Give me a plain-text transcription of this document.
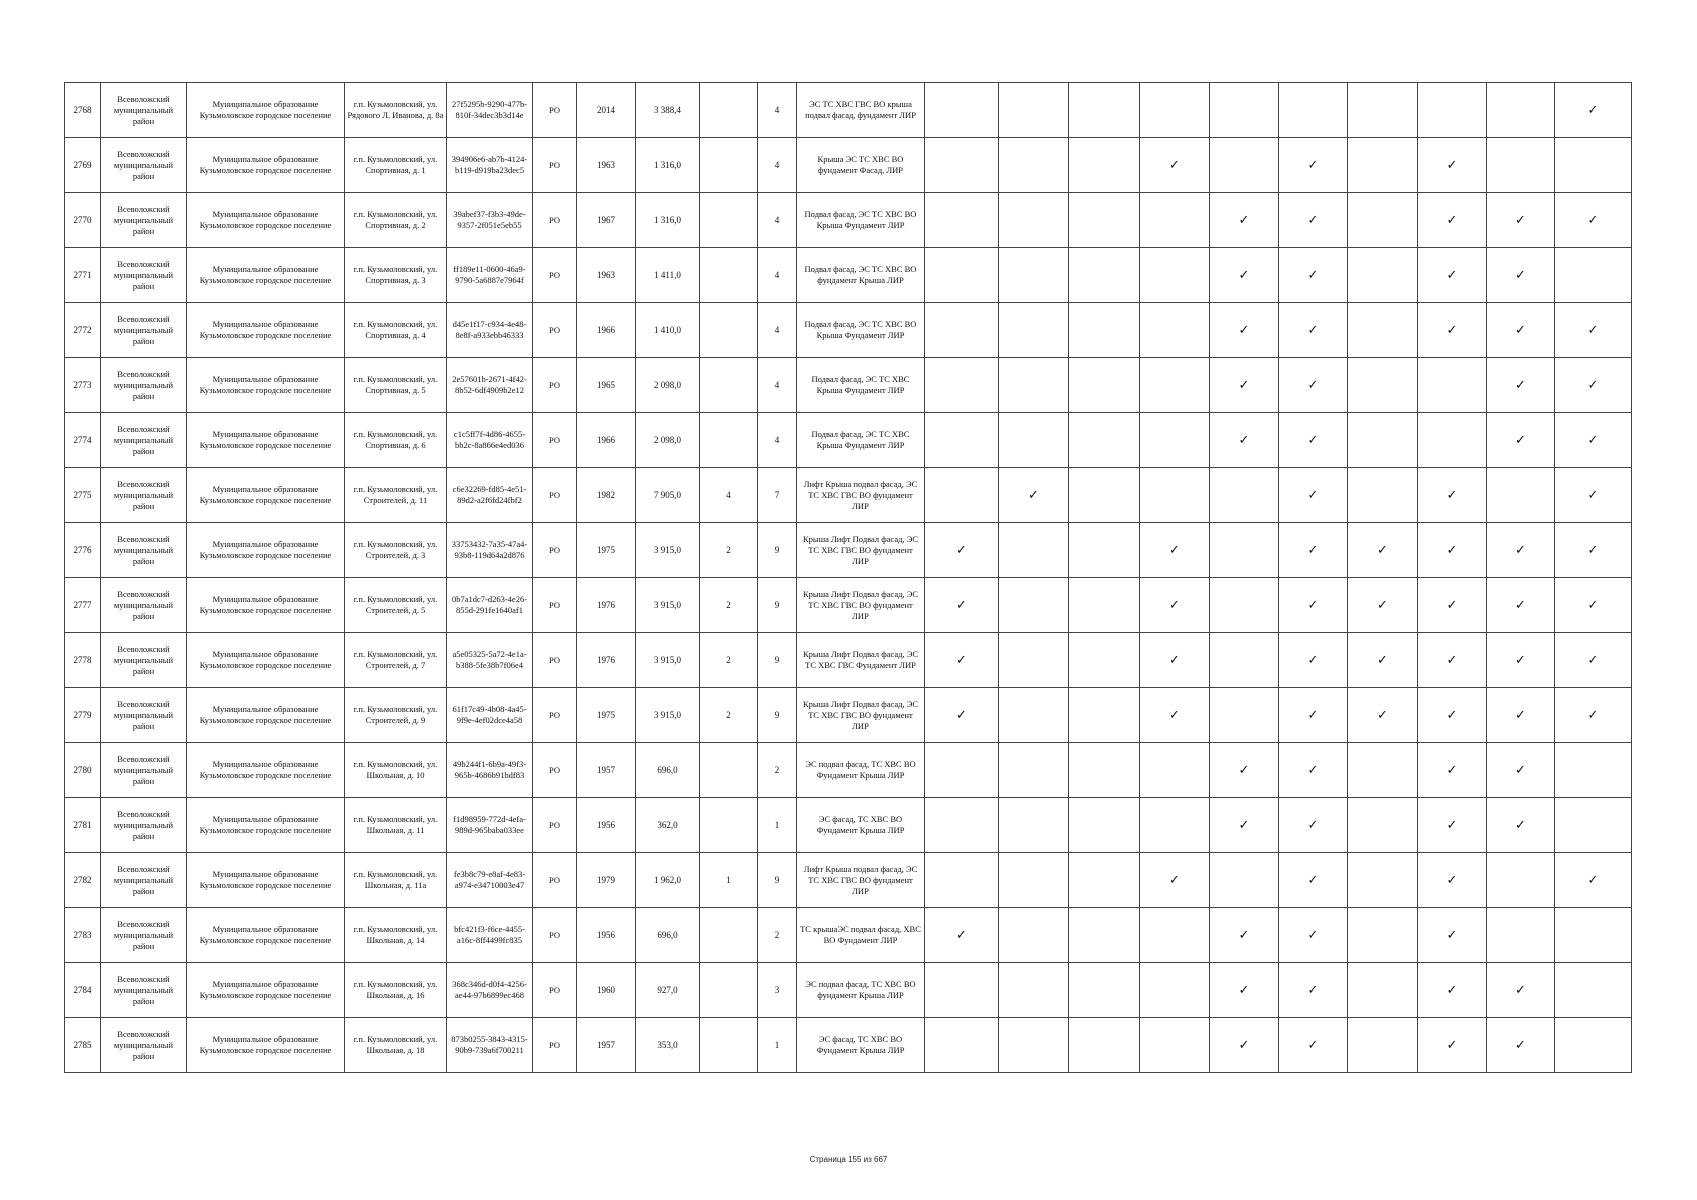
2768	Всеволожский муниципальный район	Муниципальное образование Кузьмоловское городское поселение	г.п. Кузьмоловский, ул. Рядового Л. Иванова, д. 8а	27f5295b-9290-477b-810f-34dec3b3d14e	РО	2014	3 388,4		4	ЭС ТС ХВС ГВС ВО крыша подвал фасад, фундамент ЛИР										✓
2769	Всеволожский муниципальный район	Муниципальное образование Кузьмоловское городское поселение	г.п. Кузьмоловский, ул. Спортивная, д. 1	394906e6-ab7b-4124-b119-d919ba23dec5	РО	1963	1 316,0		4	Крыша ЭС ТС ХВС ВО фундамент Фасад, ЛИР				✓		✓		✓		
2770	Всеволожский муниципальный район	Муниципальное образование Кузьмоловское городское поселение	г.п. Кузьмоловский, ул. Спортивная, д. 2	39abef37-f3b3-49de-9357-2f051e5eb55	РО	1967	1 316,0		4	Подвал фасад, ЭС ТС ХВС ВО Крыша Фундамент ЛИР					✓	✓		✓	✓	✓
2771	Всеволожский муниципальный район	Муниципальное образование Кузьмоловское городское поселение	г.п. Кузьмоловский, ул. Спортивная, д. 3	ff189e11-0600-46a9-9790-5a6887e7964f	РО	1963	1 411,0		4	Подвал фасад, ЭС ТС ХВС ВО фундамент Крыша ЛИР					✓	✓		✓	✓	
2772	Всеволожский муниципальный район	Муниципальное образование Кузьмоловское городское поселение	г.п. Кузьмоловский, ул. Спортивная, д. 4	d45e1f17-c934-4e48-8e8f-a933ebb46333	РО	1966	1 410,0		4	Подвал фасад, ЭС ТС ХВС ВО Крыша Фундамент ЛИР					✓	✓		✓	✓	✓
2773	Всеволожский муниципальный район	Муниципальное образование Кузьмоловское городское поселение	г.п. Кузьмоловский, ул. Спортивная, д. 5	2e57601b-2671-4f42-8b52-6df4909b2e12	РО	1965	2 098,0		4	Подвал фасад, ЭС ТС ХВС Крыша Фундамент ЛИР					✓	✓			✓	✓
2774	Всеволожский муниципальный район	Муниципальное образование Кузьмоловское городское поселение	г.п. Кузьмоловский, ул. Спортивная, д. 6	c1c5ff7f-4d86-4655-bb2c-8a866e4ed036	РО	1966	2 098,0		4	Подвал фасад, ЭС ТС ХВС Крыша Фундамент ЛИР					✓	✓			✓	✓
2775	Всеволожский муниципальный район	Муниципальное образование Кузьмоловское городское поселение	г.п. Кузьмоловский, ул. Строителей, д. 11	c6e32269-fd85-4e51-89d2-a2f6fd24fbf2	РО	1982	7 905,0	4	7	Лифт Крыша подвал фасад, ЭС ТС ХВС ГВС ВО фундамент ЛИР		✓				✓		✓		✓
2776	Всеволожский муниципальный район	Муниципальное образование Кузьмоловское городское поселение	г.п. Кузьмоловский, ул. Строителей, д. 3	33753432-7a35-47a4-93b8-119d64a2d876	РО	1975	3 915,0	2	9	Крыша Лифт Подвал фасад, ЭС ТС ХВС ГВС ВО фундамент ЛИР	✓			✓		✓	✓	✓	✓	✓
2777	Всеволожский муниципальный район	Муниципальное образование Кузьмоловское городское поселение	г.п. Кузьмоловский, ул. Строителей, д. 5	0b7a1dc7-d263-4e26-855d-291fe1640af1	РО	1976	3 915,0	2	9	Крыша Лифт Подвал фасад, ЭС ТС ХВС ГВС ВО фундамент ЛИР	✓			✓		✓	✓	✓	✓	✓
2778	Всеволожский муниципальный район	Муниципальное образование Кузьмоловское городское поселение	г.п. Кузьмоловский, ул. Строителей, д. 7	a5e05325-5a72-4e1a-b388-5fe38b7f06e4	РО	1976	3 915,0	2	9	Крыша Лифт Подвал фасад, ЭС ТС ХВС ГВС Фундамент ЛИР	✓			✓		✓	✓	✓	✓	✓
2779	Всеволожский муниципальный район	Муниципальное образование Кузьмоловское городское поселение	г.п. Кузьмоловский, ул. Строителей, д. 9	61f17c49-4b08-4a45-9f9e-4ef02dce4a58	РО	1975	3 915,0	2	9	Крыша Лифт Подвал фасад, ЭС ТС ХВС ГВС ВО фундамент ЛИР	✓			✓		✓	✓	✓	✓	✓
2780	Всеволожский муниципальный район	Муниципальное образование Кузьмоловское городское поселение	г.п. Кузьмоловский, ул. Школьная, д. 10	49b244f1-6b9a-49f3-965b-4686b91bdf83	РО	1957	696,0		2	ЭС подвал фасад, ТС ХВС ВО Фундамент Крыша ЛИР					✓	✓		✓	✓	
2781	Всеволожский муниципальный район	Муниципальное образование Кузьмоловское городское поселение	г.п. Кузьмоловский, ул. Школьная, д. 11	f1d98959-772d-4efa-989d-965baba033ee	РО	1956	362,0		1	ЭС фасад, ТС ХВС ВО Фундамент Крыша ЛИР					✓	✓		✓	✓	
2782	Всеволожский муниципальный район	Муниципальное образование Кузьмоловское городское поселение	г.п. Кузьмоловский, ул. Школьная, д. 11а	fe3b8c79-e8af-4e83-a974-e34710003e47	РО	1979	1 962,0	1	9	Лифт Крыша подвал фасад, ЭС ТС ХВС ГВС ВО фундамент ЛИР				✓		✓		✓		✓
2783	Всеволожский муниципальный район	Муниципальное образование Кузьмоловское городское поселение	г.п. Кузьмоловский, ул. Школьная, д. 14	bfc421f3-f6ce-4455-a16c-8ff4499fc835	РО	1956	696,0		2	ТС крышаЭС подвал фасад, ХВС ВО Фундамент ЛИР	✓				✓	✓		✓		
2784	Всеволожский муниципальный район	Муниципальное образование Кузьмоловское городское поселение	г.п. Кузьмоловский, ул. Школьная, д. 16	368c346d-d0f4-4256-ae44-97b6899ec468	РО	1960	927,0		3	ЭС подвал фасад, ТС ХВС ВО фундамент Крыша ЛИР					✓	✓		✓	✓	
2785	Всеволожский муниципальный район	Муниципальное образование Кузьмоловское городское поселение	г.п. Кузьмоловский, ул. Школьная, д. 18	873b0255-3843-4315-90b9-739a6f700211	РО	1957	353,0		1	ЭС фасад, ТС ХВС ВО Фундамент Крыша ЛИР					✓	✓		✓	✓	
Страница 155 из 667
